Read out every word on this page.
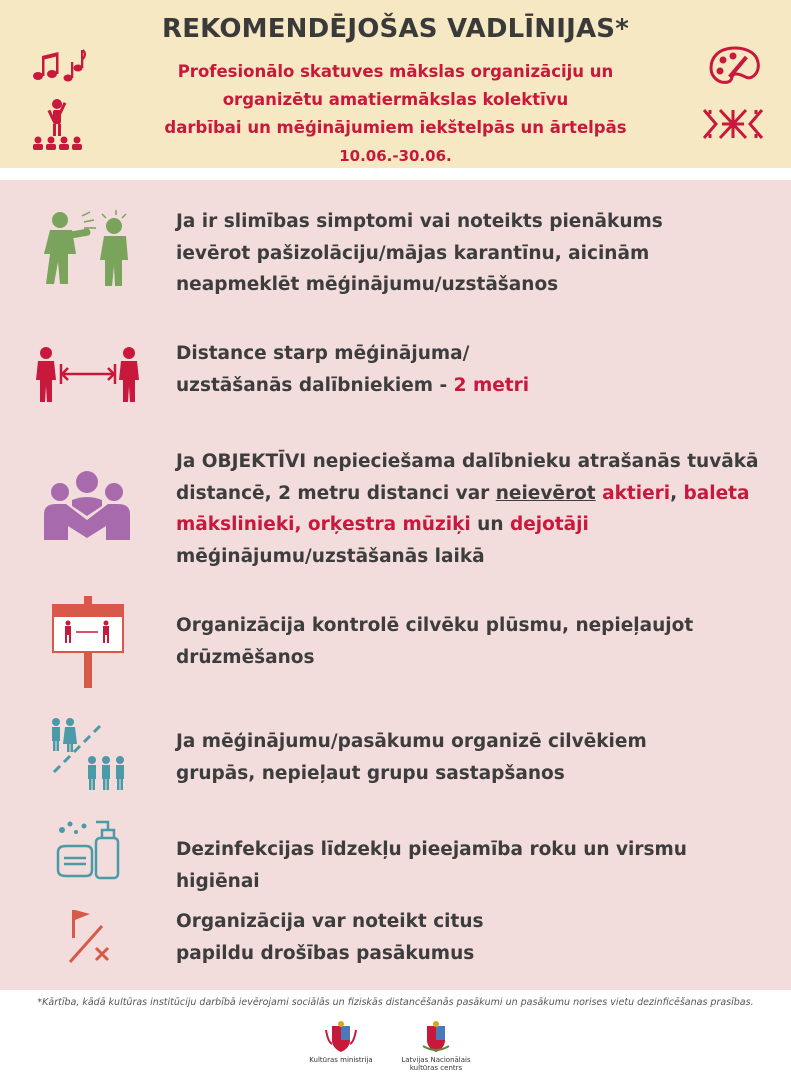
REKOMENDĒJOŠAS VADLĪNIJAS*
Profesionālo skatuves mākslas organizāciju un
organizētu amatiermākslas kolektīvu
darbībai un mēģinājumiem iekštelpās un ārtelpās
10.06.-30.06.
Ja ir slimības simptomi vai noteikts pienākums
ievērot pašizolāciju/mājas karantīnu, aicinām
neapmeklēt mēģinājumu/uzstāšanos
Distance starp mēģinājuma/
uzstāšanās dalībniekiem - 2 metri
Ja OBJEKTĪVI nepieciešama dalībnieku atrašanās tuvākā
distancē, 2 metru distanci var neievērot aktieri, baleta
mākslinieki, orķestra mūziķi un dejotāji
mēģinājumu/uzstāšanās laikā
Organizācija kontrolē cilvēku plūsmu, nepieļaujot
drūzmēšanos
Ja mēģinājumu/pasākumu organizē cilvēkiem
grupās, nepieļaut grupu sastapšanos
Dezinfekcijas līdzekļu pieejamība roku un virsmu
higiēnai
Organizācija var noteikt citus
papildu drošības pasākumus
*Kārtība, kādā kultūras institūciju darbībā ievērojami sociālās un fiziskās distancēšanās pasākumi un pasākumu norises vietu dezinficēšanas prasības.
Kultūras ministrija	Latvijas Nacionālais
kultūras centrs
